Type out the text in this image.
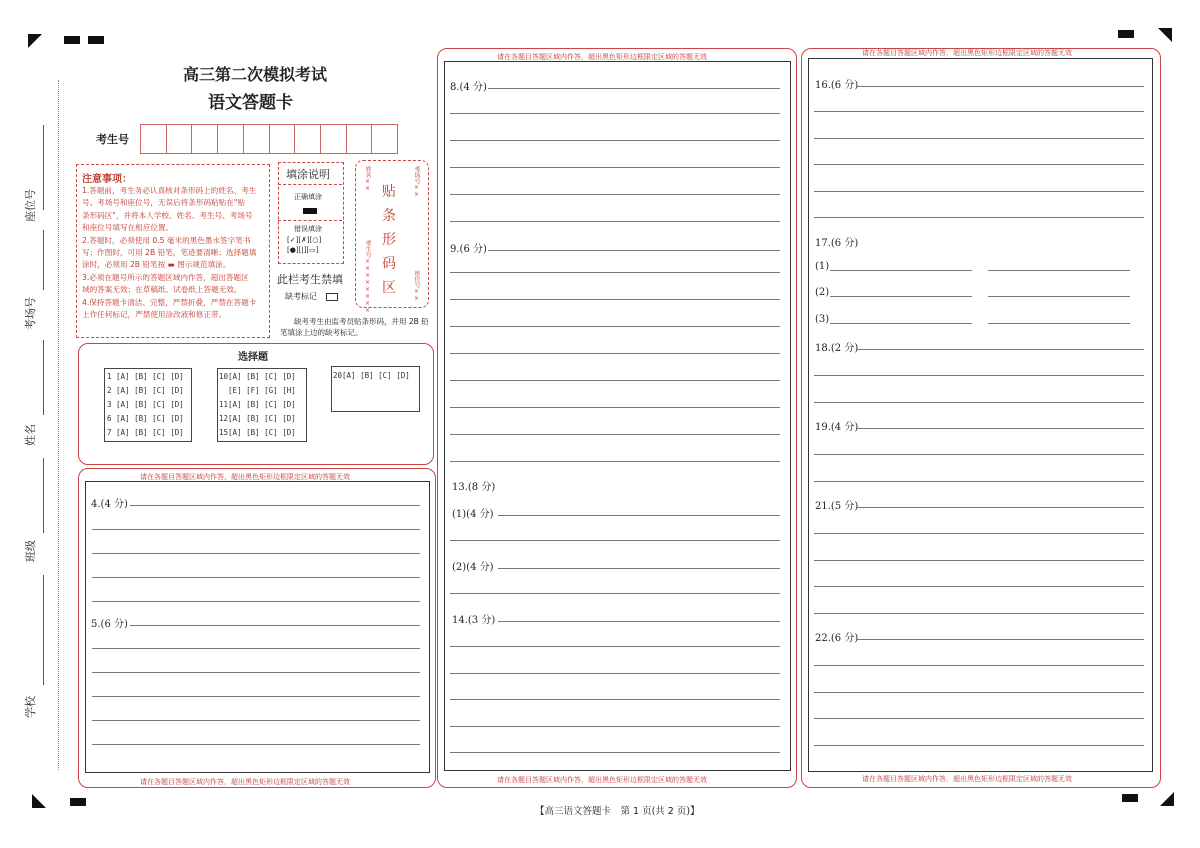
座位号
考场号
姓名
班级
学校
高三第二次模拟考试
语文答题卡
考生号
注意事项：
1.答题前，考生务必认真核对条形码上的姓名、考生
号、考场号和座位号，无误后将条形码粘贴在"贴
条形码区"，并将本人学校、姓名、考生号、考场号
和座位号填写在相应位置。
2.答题时，必须使用 0.5 毫米的黑色墨水签字笔书
写；作图时，可用 2B 铅笔，笔迹要清晰；选择题填
涂时，必须用 2B 铅笔按 ▬ 图示规范填涂。
3.必须在题号所示的答题区域内作答，超出答题区
域的答案无效；在草稿纸、试卷纸上答题无效。
4.保持答题卡清洁、完整，严禁折叠，严禁在答题卡
上作任何标记，严禁使用涂改液和修正带。
填涂说明
正确填涂
错误填涂
[✓][✗][○]
[●][|][▭]
姓名××
考生号××××××××
考场号××
座位号××
贴
条
形
码
区
此栏考生禁填
缺考标记
缺考考生由监考员贴条形码，并用 2B 铅
笔填涂上边的缺考标记。
选择题
1 [A] [B] [C] [D]
2 [A] [B] [C] [D]
3 [A] [B] [C] [D]
6 [A] [B] [C] [D]
7 [A] [B] [C] [D]
10[A] [B] [C] [D]
[E] [F] [G] [H]
11[A] [B] [C] [D]
12[A] [B] [C] [D]
15[A] [B] [C] [D]
20[A] [B] [C] [D]
请在各题目答题区域内作答，超出黑色矩形边框限定区域的答题无效
请在各题目答题区域内作答，超出黑色矩形边框限定区域的答题无效
4.(4 分)
5.(6 分)
请在各题目答题区域内作答，超出黑色矩形边框限定区域的答题无效
请在各题目答题区域内作答，超出黑色矩形边框限定区域的答题无效
8.(4 分)
9.(6 分)
13.(8 分)
(1)(4 分)
(2)(4 分)
14.(3 分)
请在各题目答题区域内作答，超出黑色矩形边框限定区域的答题无效
请在各题目答题区域内作答，超出黑色矩形边框限定区域的答题无效
16.(6 分)
17.(6 分)
(1)
(2)
(3)
18.(2 分)
19.(4 分)
21.(5 分)
22.(6 分)
【高三语文答题卡　第 1 页(共 2 页)】
